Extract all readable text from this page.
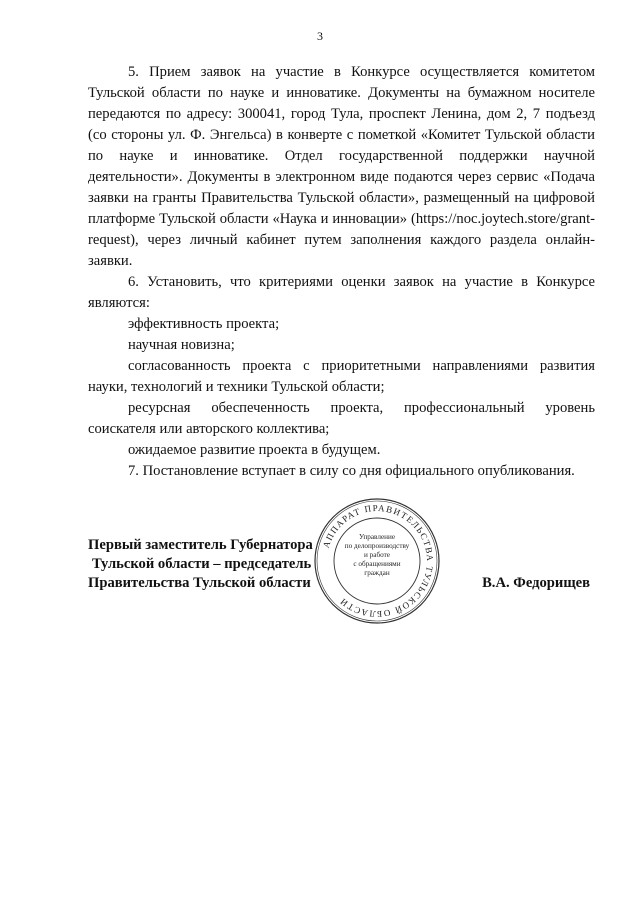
3

5. Прием заявок на участие в Конкурсе осуществляется комитетом Тульской области по науке и инноватике. Документы на бумажном носителе передаются по адресу: 300041, город Тула, проспект Ленина, дом 2, 7 подъезд (со стороны ул. Ф. Энгельса) в конверте с пометкой «Комитет Тульской области по науке и инноватике. Отдел государственной поддержки научной деятельности». Документы в электронном виде подаются через сервис «Подача заявки на гранты Правительства Тульской области», размещенный на цифровой платформе Тульской области «Наука и инновации» (https://noc.joytech.store/grant-request), через личный кабинет путем заполнения каждого раздела онлайн-заявки.

6. Установить, что критериями оценки заявок на участие в Конкурсе являются:

эффективность проекта;

научная новизна;

согласованность проекта с приоритетными направлениями развития науки, технологий и техники Тульской области;

ресурсная обеспеченность проекта, профессиональный уровень соискателя или авторского коллектива;

ожидаемое развитие проекта в будущем.

7. Постановление вступает в силу со дня официального опубликования.

Первый заместитель Губернатора
Тульской области – председатель
Правительства Тульской области	В.А. Федорищев
АППАРАТ ПРАВИТЕЛЬСТВА ТУЛЬСКОЙ ОБЛАСТИ
Управление
по делопроизводству
и работе
с обращениями
граждан
